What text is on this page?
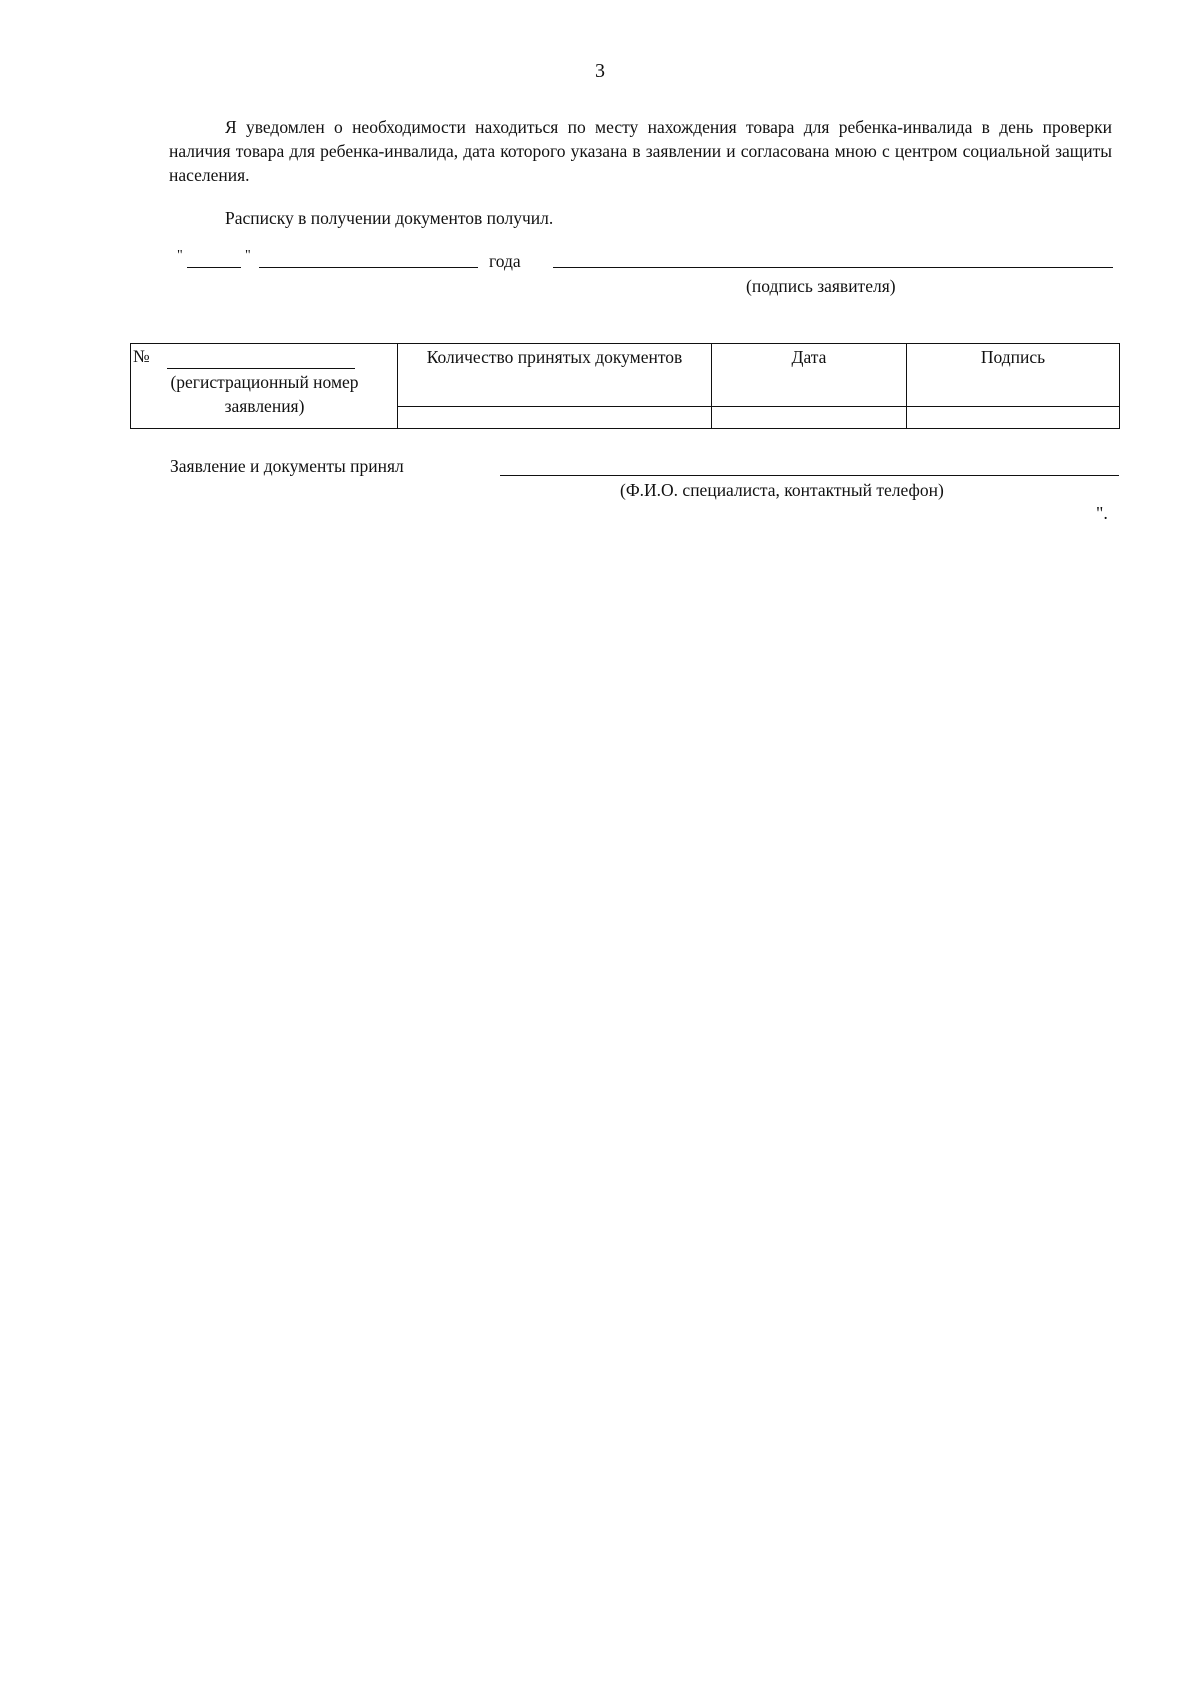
3
Я уведомлен о необходимости находиться по месту нахождения товара для ребенка-инвалида в день проверки наличия товара для ребенка-инвалида, дата которого указана в заявлении и согласована мною с центром социальной защиты населения.
Расписку в получении документов получил.
"	"	года
(подпись заявителя)
№
(регистрационный номер заявления)	Количество принятых документов	Дата	Подпись

Заявление и документы принял
(Ф.И.О. специалиста, контактный телефон)
".
